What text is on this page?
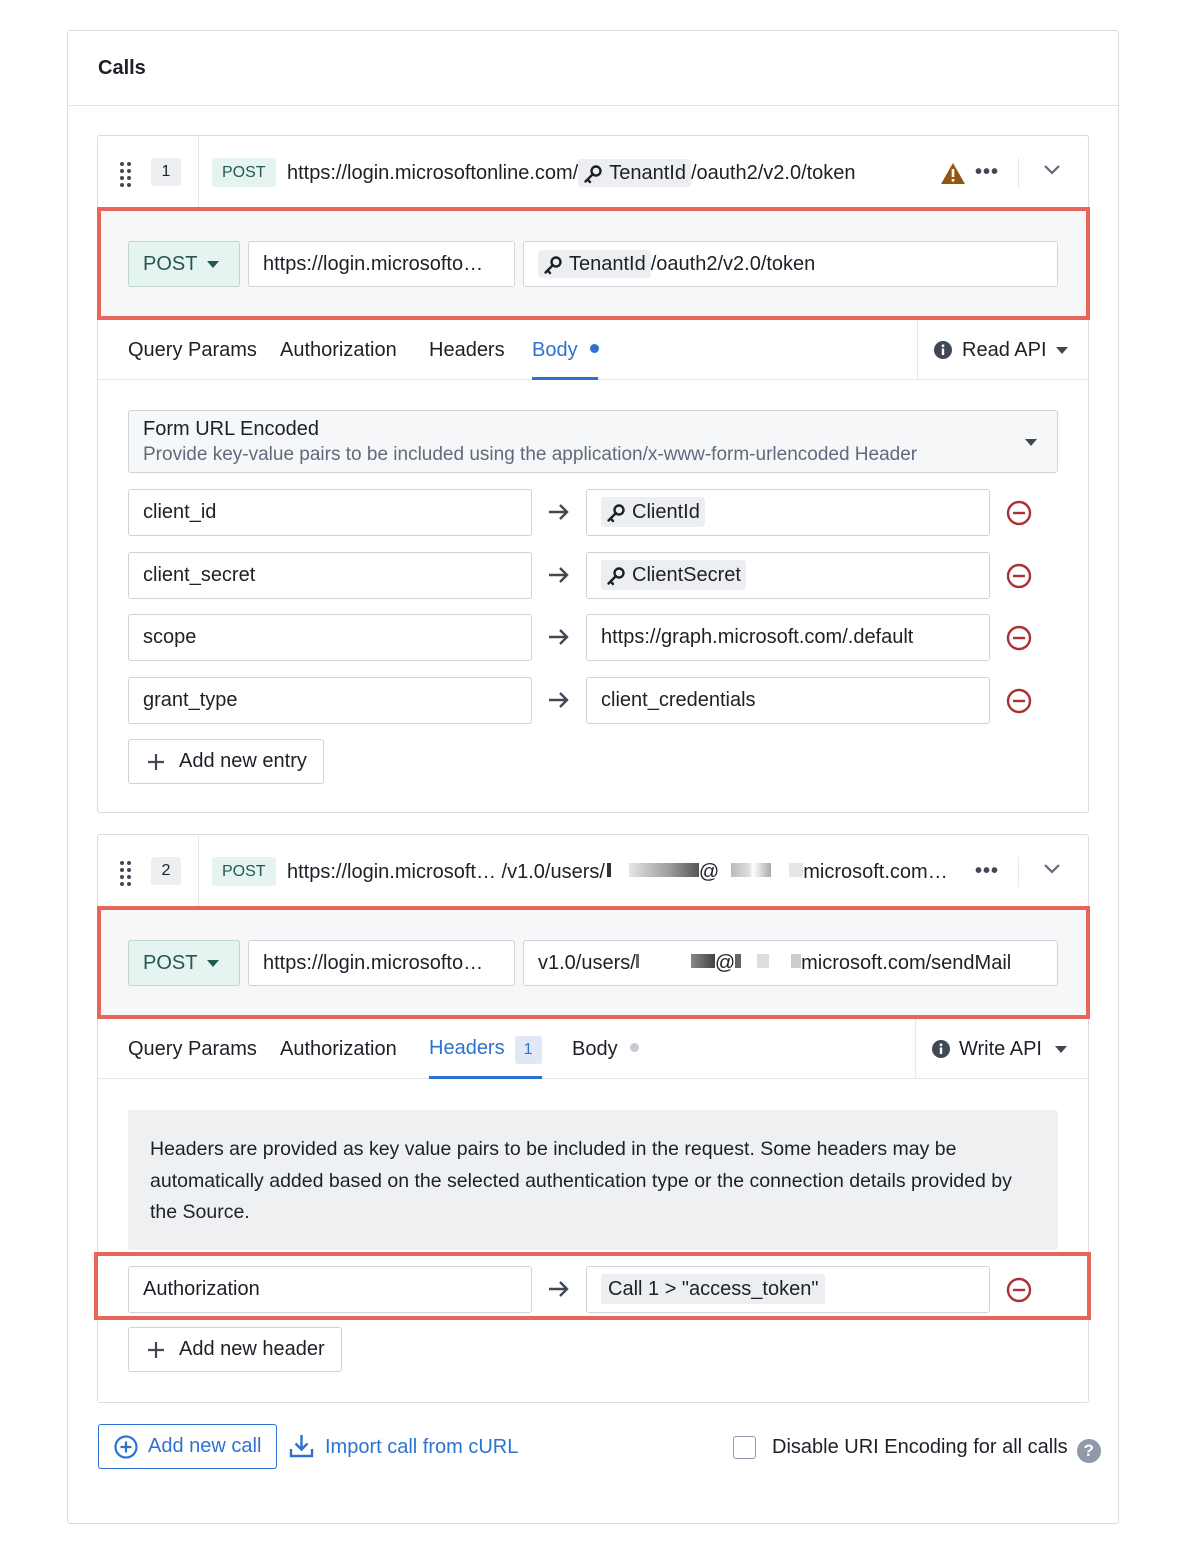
Calls
1	POST	https://login.microsoftonline.com/ TenantId /oauth2/v2.0/token	•••
POST	https://login.microsofto…	TenantId /oauth2/v2.0/token
Query Params Authorization Headers Body	Read API
Form URL Encoded
Provide key-value pairs to be included using the application/x-www-form-urlencoded Header
client_id	ClientId
client_secret	ClientSecret
scope	https://graph.microsoft.com/.default
grant_type	client_credentials
Add new entry
2	POST	https://login.microsoft… /v1.0/users/	@	microsoft.com… •••
POST	https://login.microsofto…	v1.0/users/	@	microsoft.com/sendMail
Query Params Authorization Headers 1	Body	Write API
Headers are provided as key value pairs to be included in the request. Some headers may be automatically added based on the selected authentication type or the connection details provided by the Source.
Authorization	Call 1 > "access_token"
Add new header
Add new call	Import call from cURL	Disable URI Encoding for all calls ?
